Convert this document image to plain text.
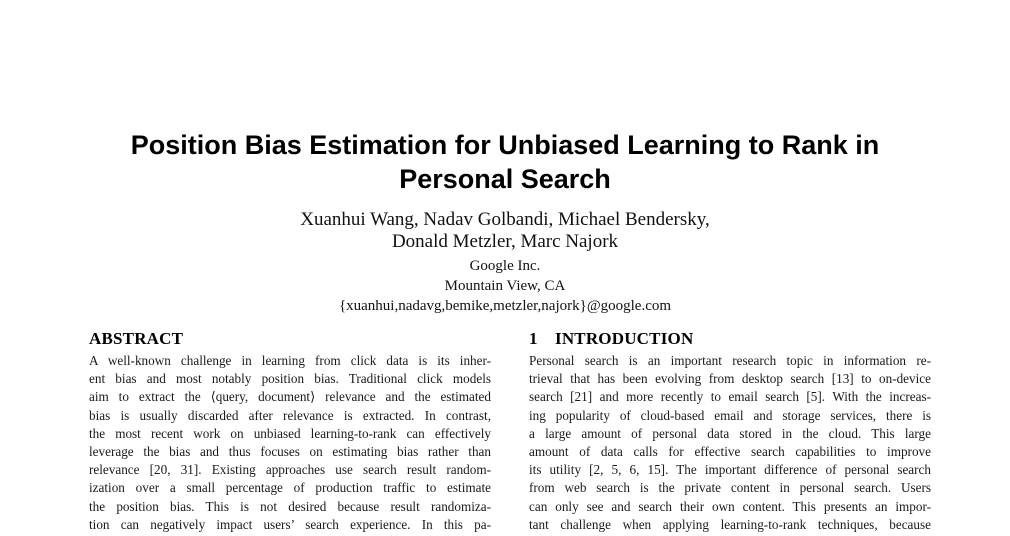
Position Bias Estimation for Unbiased Learning to Rank in
Personal Search
Xuanhui Wang, Nadav Golbandi, Michael Bendersky,
Donald Metzler, Marc Najork
Google Inc.
Mountain View, CA
{xuanhui,nadavg,bemike,metzler,najork}@google.com
ABSTRACT
A well-known challenge in learning from click data is its inher-
ent bias and most notably position bias. Traditional click models
aim to extract the ⟨query, document⟩ relevance and the estimated
bias is usually discarded after relevance is extracted. In contrast,
the most recent work on unbiased learning-to-rank can effectively
leverage the bias and thus focuses on estimating bias rather than
relevance [20, 31]. Existing approaches use search result random-
ization over a small percentage of production traffic to estimate
the position bias. This is not desired because result randomiza-
tion can negatively impact users’ search experience. In this pa-
1 INTRODUCTION
Personal search is an important research topic in information re-
trieval that has been evolving from desktop search [13] to on-device
search [21] and more recently to email search [5]. With the increas-
ing popularity of cloud-based email and storage services, there is
a large amount of personal data stored in the cloud. This large
amount of data calls for effective search capabilities to improve
its utility [2, 5, 6, 15]. The important difference of personal search
from web search is the private content in personal search. Users
can only see and search their own content. This presents an impor-
tant challenge when applying learning-to-rank techniques, because
